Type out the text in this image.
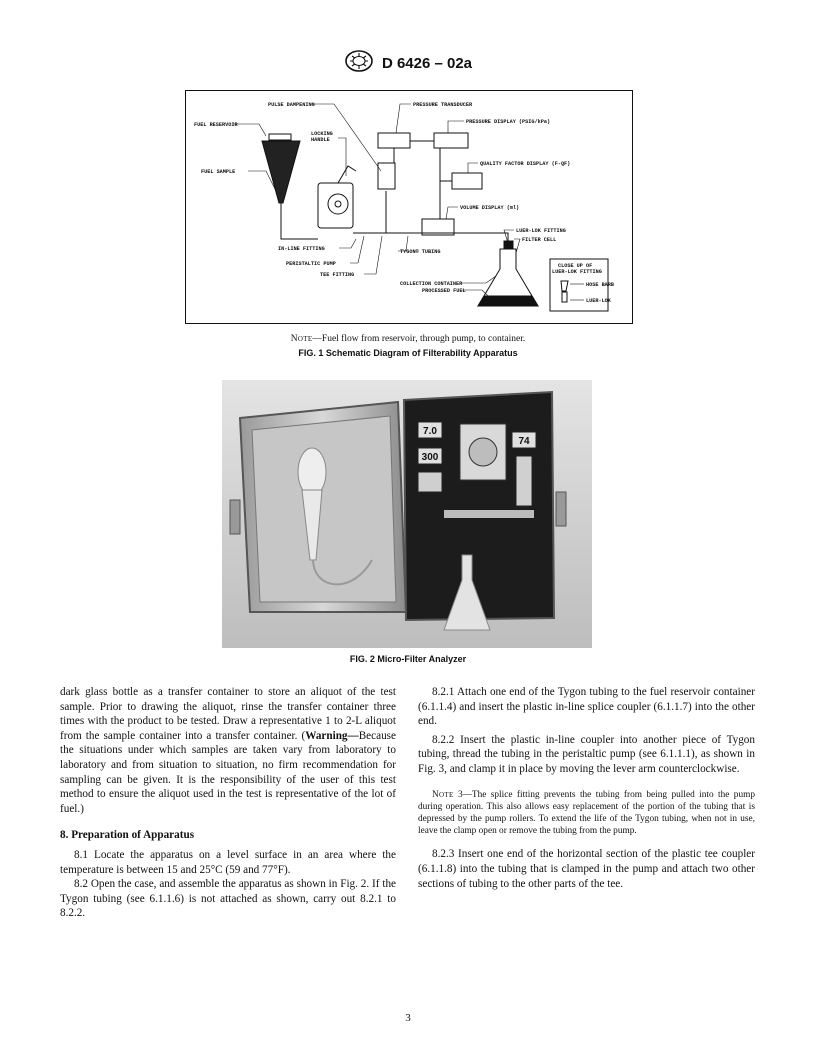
D 6426 – 02a
FUEL RESERVOIR
FUEL SAMPLE
PULSE DAMPENING
LOCKING
HANDLE
PRESSURE TRANSDUCER
PRESSURE DISPLAY (PSIG/kPa)
QUALITY FACTOR DISPLAY (F-QF)
VOLUME DISPLAY (ml)
LUER-LOK FITTING
FILTER CELL
IN-LINE FITTING	TYGON® TUBING
PERISTALTIC PUMP
TEE FITTING
COLLECTION CONTAINER
PROCESSED FUEL
CLOSE UP OF
LUER-LOK FITTING
HOSE BARB
LUER-LOK
Note—Fuel flow from reservoir, through pump, to container.
FIG. 1 Schematic Diagram of Filterability Apparatus
7.0
300
74
FIG. 2 Micro-Filter Analyzer

dark glass bottle as a transfer container to store an aliquot of the test sample. Prior to drawing the aliquot, rinse the transfer container three times with the product to be tested. Draw a representative 1 to 2-L aliquot from the sample container into a transfer container. (Warning—Because the situations under which samples are taken vary from laboratory to laboratory and from situation to situation, no firm recommendation for sampling can be given. It is the responsibility of the user of this test method to ensure the aliquot used in the test is representative of the lot of fuel.)

8. Preparation of Apparatus

8.1 Locate the apparatus on a level surface in an area where the temperature is between 15 and 25°C (59 and 77°F).

8.2 Open the case, and assemble the apparatus as shown in Fig. 2. If the Tygon tubing (see 6.1.1.6) is not attached as shown, carry out 8.2.1 to 8.2.2.

8.2.1 Attach one end of the Tygon tubing to the fuel reservoir container (6.1.1.4) and insert the plastic in-line splice coupler (6.1.1.7) into the other end.

8.2.2 Insert the plastic in-line coupler into another piece of Tygon tubing, thread the tubing in the peristaltic pump (see 6.1.1.1), as shown in Fig. 3, and clamp it in place by moving the lever arm counterclockwise.

Note 3—The splice fitting prevents the tubing from being pulled into the pump during operation. This also allows easy replacement of the portion of the tubing that is depressed by the pump rollers. To extend the life of the Tygon tubing, when not in use, leave the clamp open or remove the tubing from the pump.

8.2.3 Insert one end of the horizontal section of the plastic tee coupler (6.1.1.8) into the tubing that is clamped in the pump and attach two other sections of tubing to the other parts of the tee.

3
